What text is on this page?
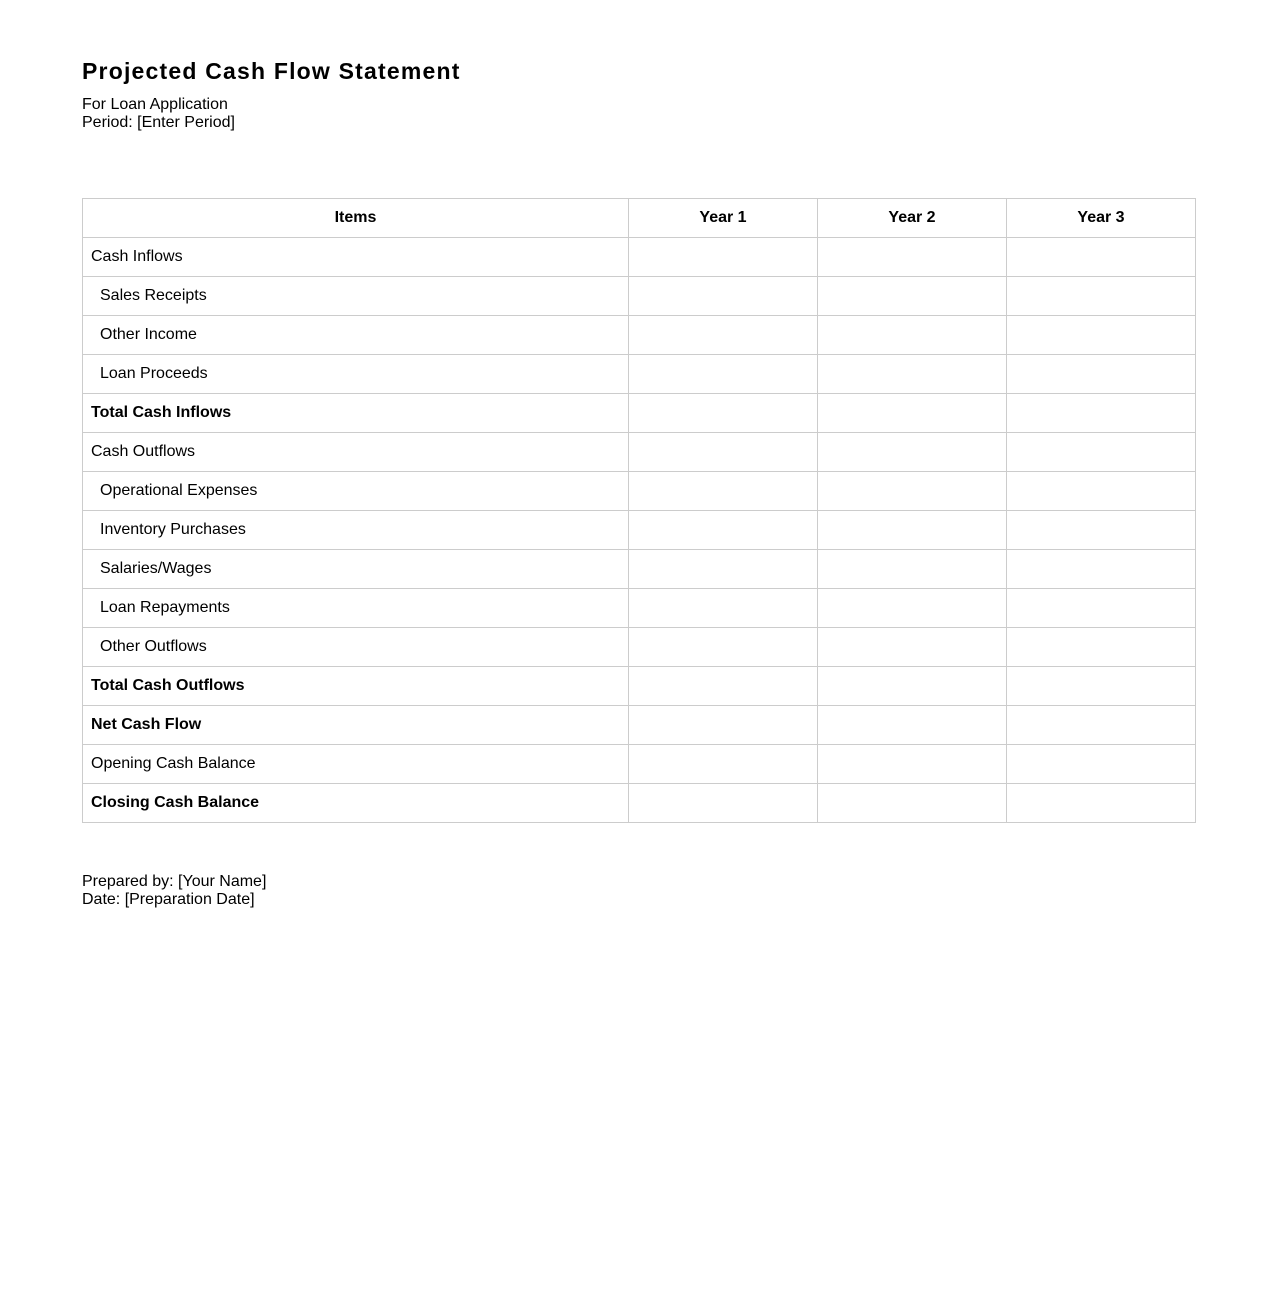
Projected Cash Flow Statement
For Loan Application
Period: [Enter Period]
Items	Year 1	Year 2	Year 3
Cash Inflows			
Sales Receipts			
Other Income			
Loan Proceeds			
Total Cash Inflows			
Cash Outflows			
Operational Expenses			
Inventory Purchases			
Salaries/Wages			
Loan Repayments			
Other Outflows			
Total Cash Outflows			
Net Cash Flow			
Opening Cash Balance			
Closing Cash Balance			
Prepared by: [Your Name]
Date: [Preparation Date]
